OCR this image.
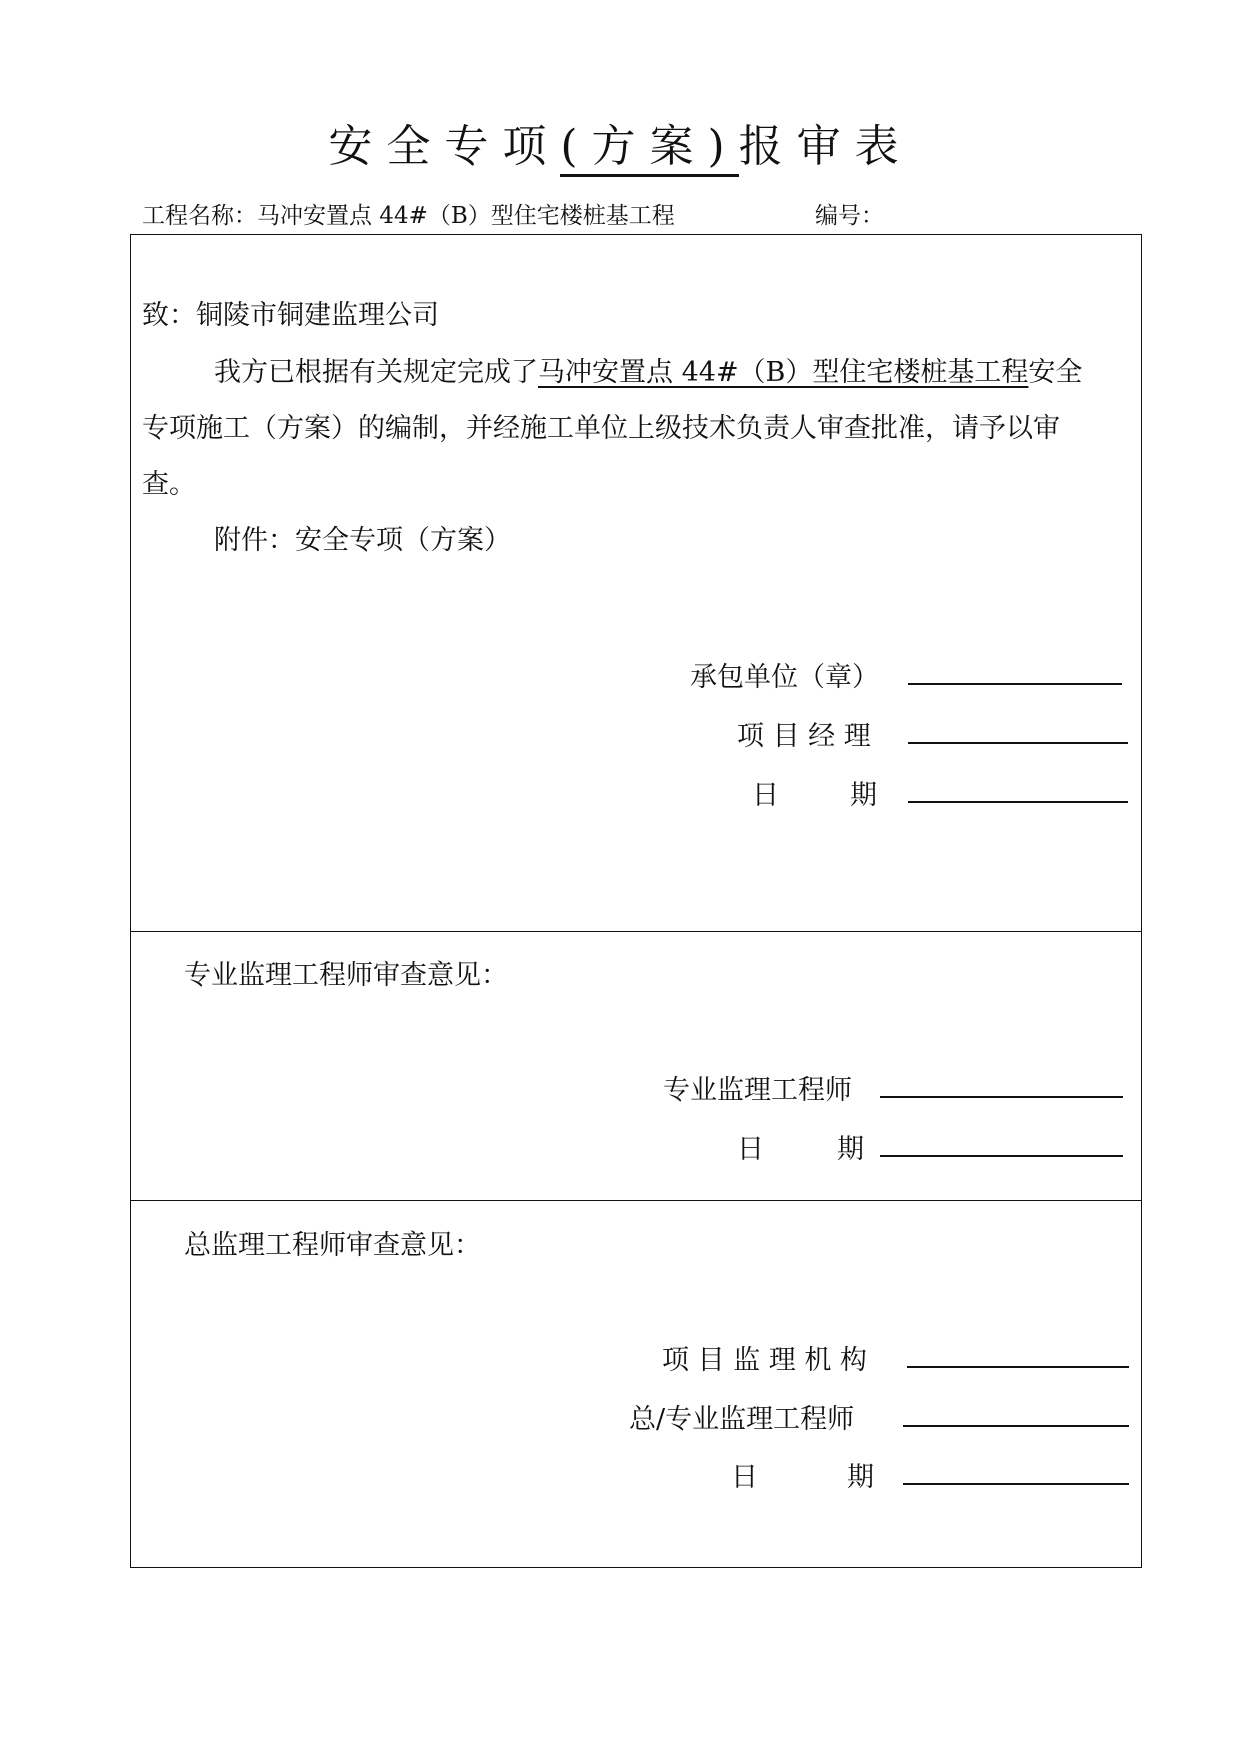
安全专项(方案)报审表
工程名称：马冲安置点 44#（B）型住宅楼桩基工程	编号：
致：铜陵市铜建监理公司
我方已根据有关规定完成了马冲安置点 44#（B）型住宅楼桩基工程安全
专项施工（方案）的编制，并经施工单位上级技术负责人审查批准，请予以审
查。
附件：安全专项（方案）
承包单位（章）
项 目 经 理
日	期
专业监理工程师审查意见：
专业监理工程师
日	期
总监理工程师审查意见：
项 目 监 理 机 构
总/专业监理工程师
日	期
